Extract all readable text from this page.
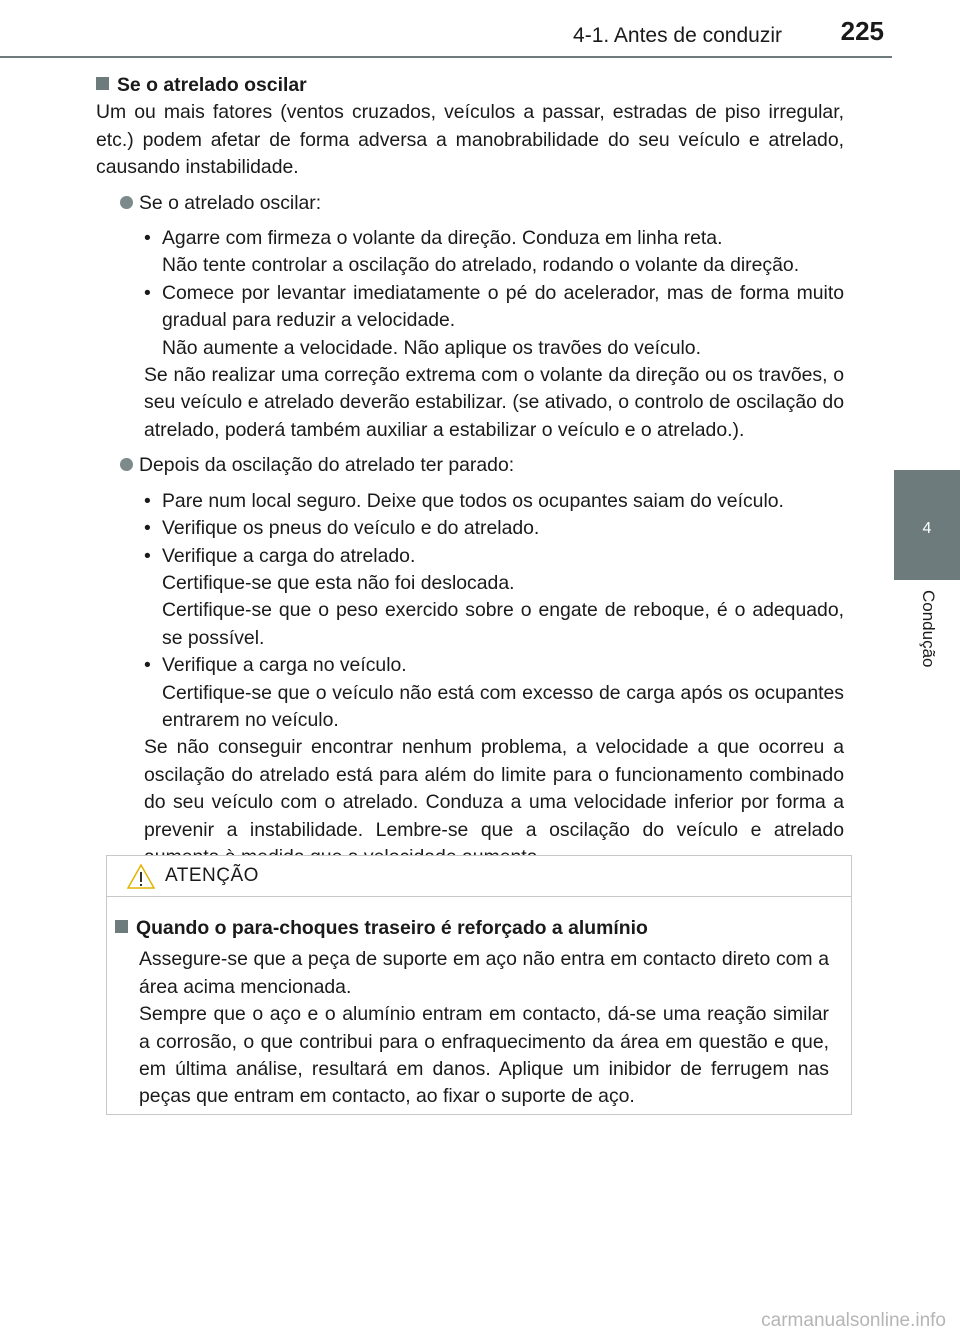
4-1. Antes de conduzir 225
4
Condução

Se o atrelado oscilar

Um ou mais fatores (ventos cruzados, veículos a passar, estradas de piso irregular, etc.) podem afetar de forma adversa a manobrabilidade do seu veículo e atrelado, causando instabilidade.

Se o atrelado oscilar:
• Agarre com firmeza o volante da direção. Conduza em linha reta.
Não tente controlar a oscilação do atrelado, rodando o volante da direção.
• Comece por levantar imediatamente o pé do acelerador, mas de forma muito gradual para reduzir a velocidade.
Não aumente a velocidade. Não aplique os travões do veículo.

Se não realizar uma correção extrema com o volante da direção ou os travões, o seu veículo e atrelado deverão estabilizar. (se ativado, o controlo de oscilação do atrelado, poderá também auxiliar a estabilizar o veículo e o atrelado.).

Depois da oscilação do atrelado ter parado:
• Pare num local seguro. Deixe que todos os ocupantes saiam do veículo.
• Verifique os pneus do veículo e do atrelado.
• Verifique a carga do atrelado.
Certifique-se que esta não foi deslocada.
Certifique-se que o peso exercido sobre o engate de reboque, é o adequado, se possível.
• Verifique a carga no veículo.
Certifique-se que o veículo não está com excesso de carga após os ocupantes entrarem no veículo.

Se não conseguir encontrar nenhum problema, a velocidade a que ocorreu a oscilação do atrelado está para além do limite para o funcionamento combinado do seu veículo com o atrelado. Conduza a uma velocidade inferior por forma a prevenir a instabilidade. Lembre-se que a oscilação do veículo e atrelado

ATENÇÃO

Quando o para-choques traseiro é reforçado a alumínio

Assegure-se que a peça de suporte em aço não entra em contacto direto com a área acima mencionada.

Sempre que o aço e o alumínio entram em contacto, dá-se uma reação similar a corrosão, o que contribui para o enfraquecimento da área em questão e que, em última análise, resultará em danos. Aplique um inibidor de ferrugem nas peças que entram em contacto, ao fixar o suporte de aço.

carmanualsonline.info
